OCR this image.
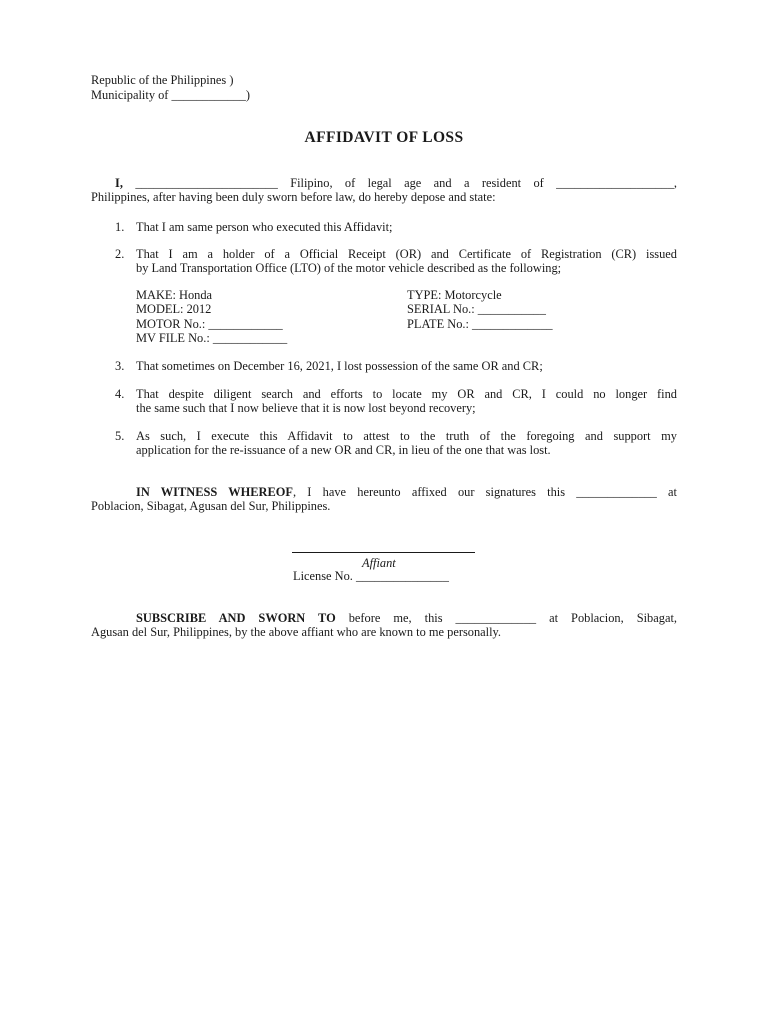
Republic of the Philippines )
Municipality of ____________)
AFFIDAVIT OF LOSS
I, _______________________ Filipino, of legal age and a resident of ___________________,
Philippines, after having been duly sworn before law, do hereby depose and state:
1. That I am same person who executed this Affidavit;
2. That I am a holder of a Official Receipt (OR) and Certificate of Registration (CR) issued
by Land Transportation Office (LTO) of the motor vehicle described as the following;
MAKE: Honda
MODEL: 2012
MOTOR No.: ____________
MV FILE No.: ____________
TYPE: Motorcycle
SERIAL No.: ___________
PLATE No.: _____________
3. That sometimes on December 16, 2021, I lost possession of the same OR and CR;
4. That despite diligent search and efforts to locate my OR and CR, I could no longer find
the same such that I now believe that it is now lost beyond recovery;
5. As such, I execute this Affidavit to attest to the truth of the foregoing and support my
application for the re-issuance of a new OR and CR, in lieu of the one that was lost.
IN WITNESS WHEREOF, I have hereunto affixed our signatures this _____________ at
Poblacion, Sibagat, Agusan del Sur, Philippines.
Affiant
License No. _______________
SUBSCRIBE AND SWORN TO before me, this _____________ at Poblacion, Sibagat,
Agusan del Sur, Philippines, by the above affiant who are known to me personally.
